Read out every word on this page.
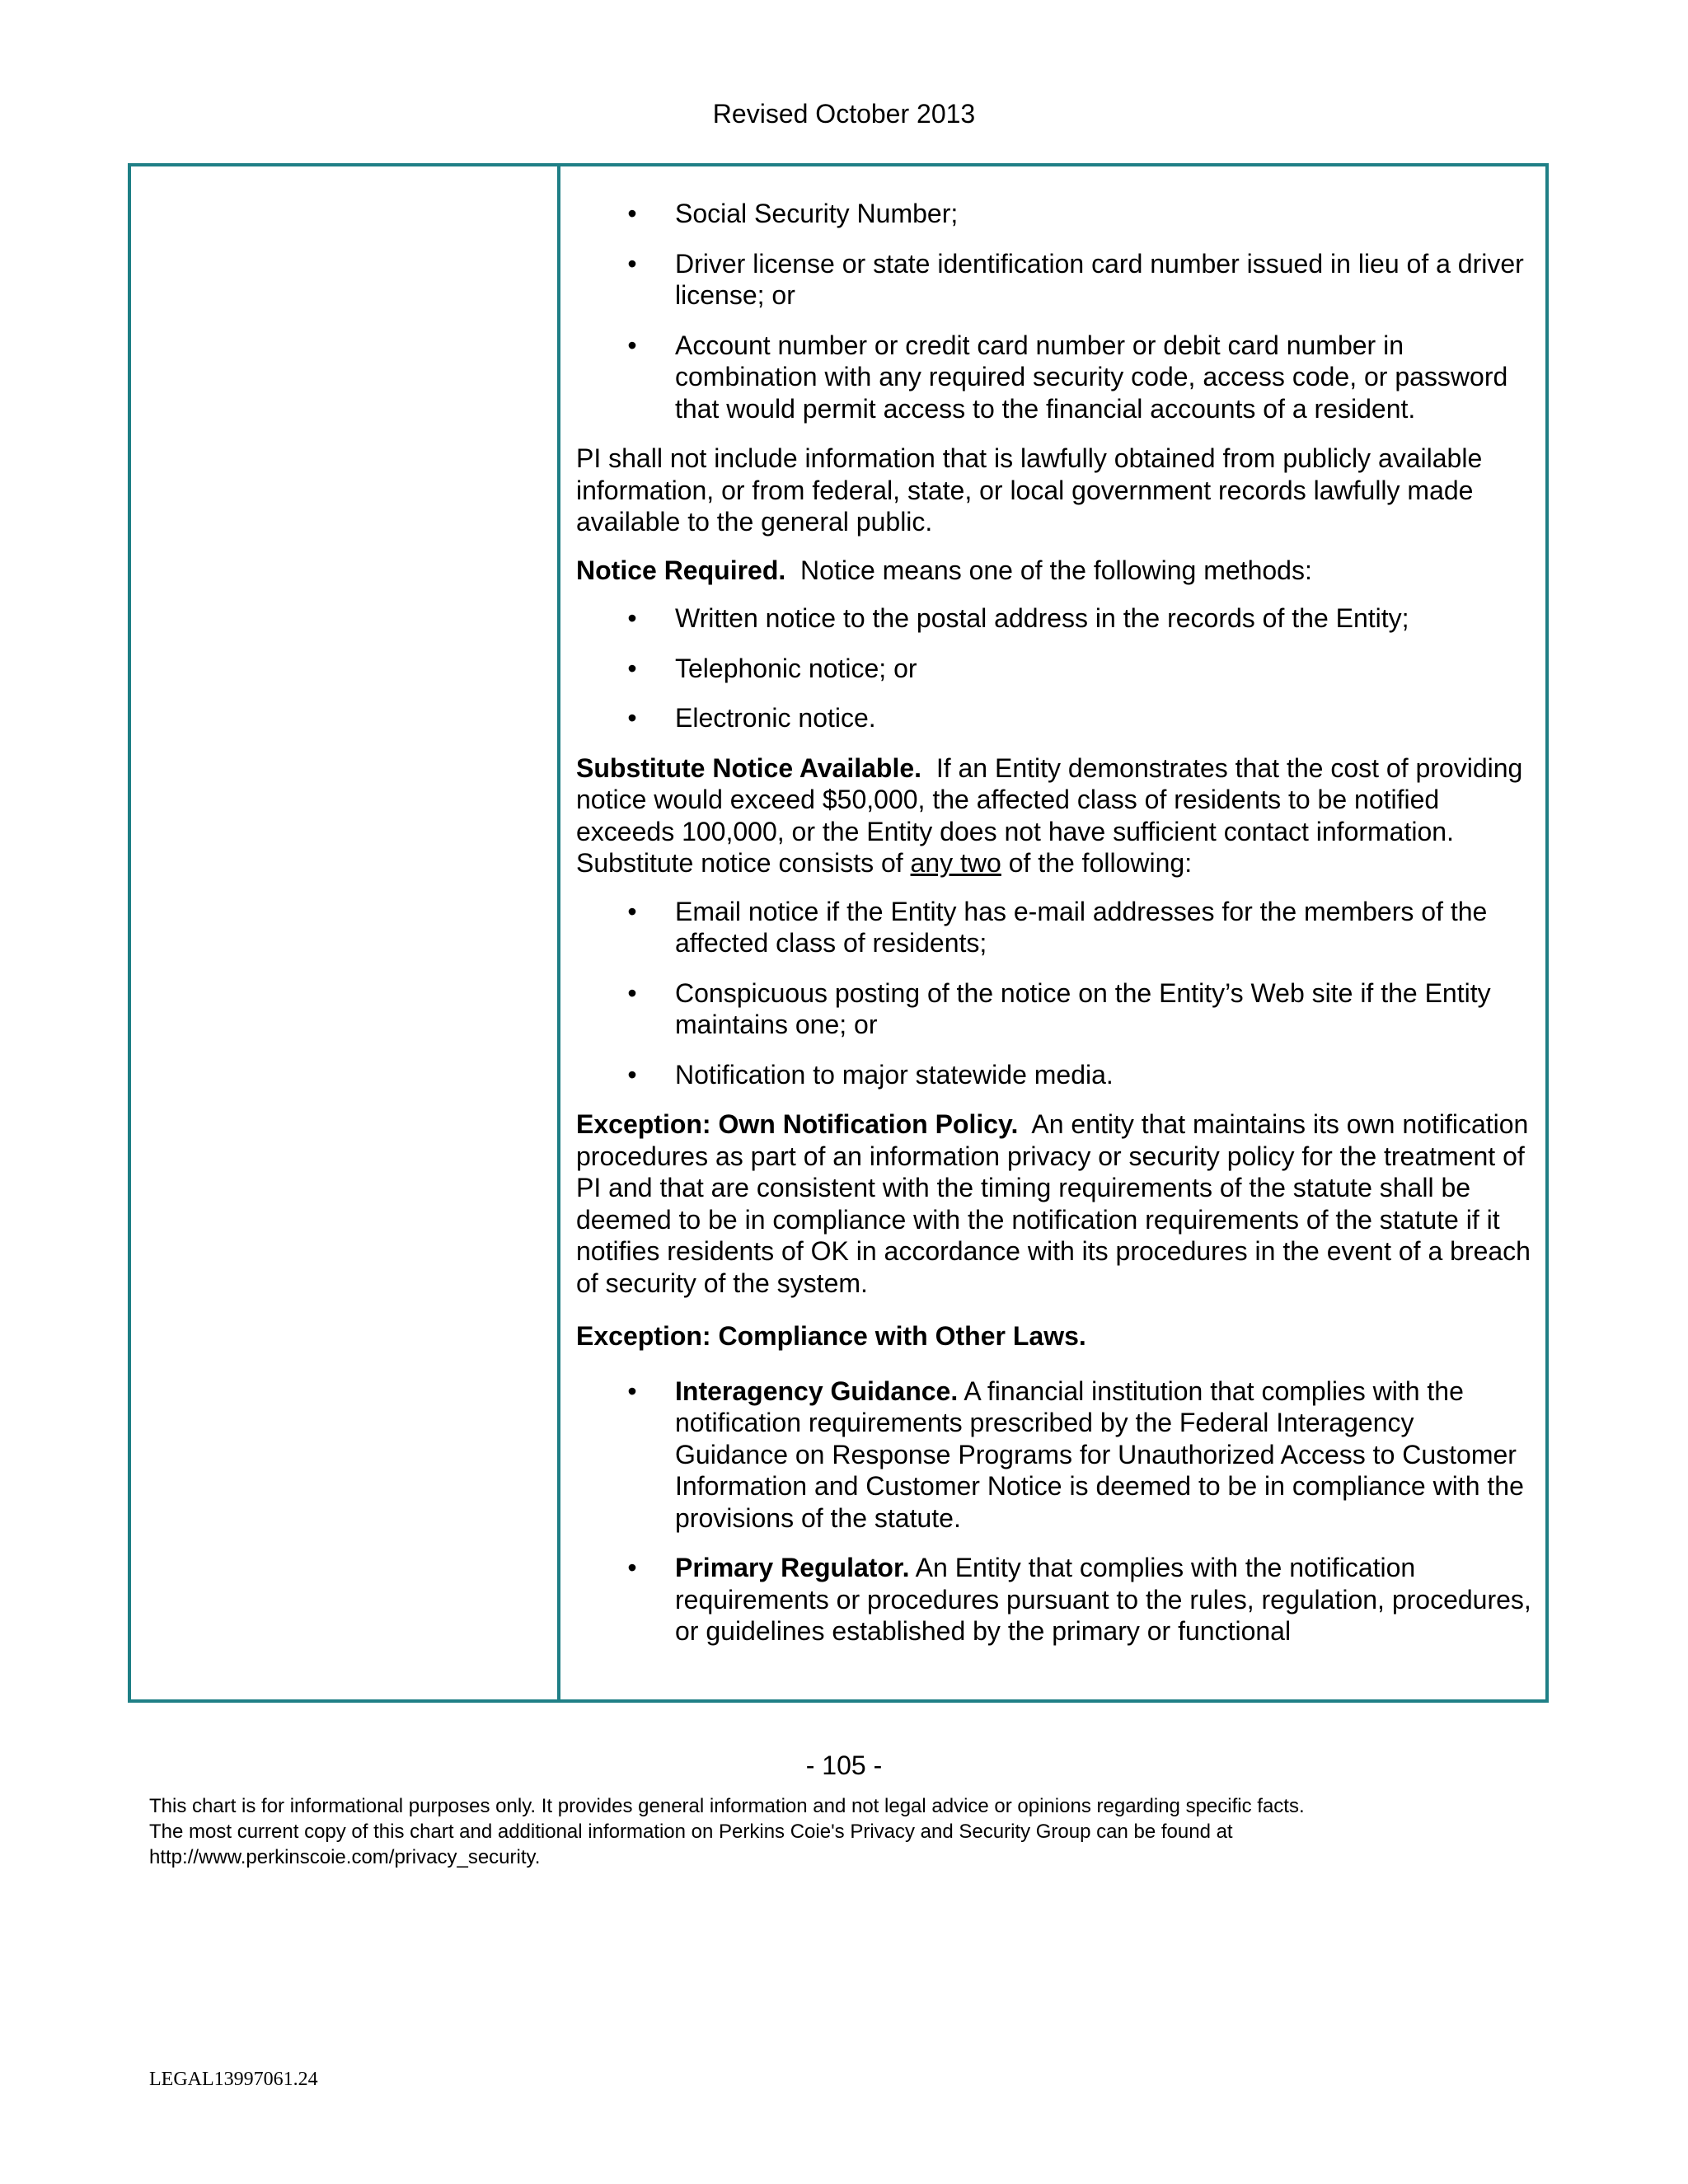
Revised October 2013
• Social Security Number;
• Driver license or state identification card number issued in lieu of a driver license; or
• Account number or credit card number or debit card number in combination with any required security code, access code, or password that would permit access to the financial accounts of a resident.

PI shall not include information that is lawfully obtained from publicly available information, or from federal, state, or local government records lawfully made available to the general public.

Notice Required. Notice means one of the following methods:

• Written notice to the postal address in the records of the Entity;
• Telephonic notice; or
• Electronic notice.

Substitute Notice Available. If an Entity demonstrates that the cost of providing notice would exceed $50,000, the affected class of residents to be notified exceeds 100,000, or the Entity does not have sufficient contact information. Substitute notice consists of any two of the following:

• Email notice if the Entity has e-mail addresses for the members of the affected class of residents;
• Conspicuous posting of the notice on the Entity’s Web site if the Entity maintains one; or
• Notification to major statewide media.

Exception: Own Notification Policy. An entity that maintains its own notification procedures as part of an information privacy or security policy for the treatment of PI and that are consistent with the timing requirements of the statute shall be deemed to be in compliance with the notification requirements of the statute if it notifies residents of OK in accordance with its procedures in the event of a breach of security of the system.

Exception: Compliance with Other Laws.

• Interagency Guidance. A financial institution that complies with the notification requirements prescribed by the Federal Interagency Guidance on Response Programs for Unauthorized Access to Customer Information and Customer Notice is deemed to be in compliance with the provisions of the statute.
• Primary Regulator. An Entity that complies with the notification requirements or procedures pursuant to the rules, regulation, procedures, or guidelines established by the primary or functional
- 105 -
This chart is for informational purposes only. It provides general information and not legal advice or opinions regarding specific facts.
The most current copy of this chart and additional information on Perkins Coie's Privacy and Security Group can be found at
http://www.perkinscoie.com/privacy_security.
LEGAL13997061.24
